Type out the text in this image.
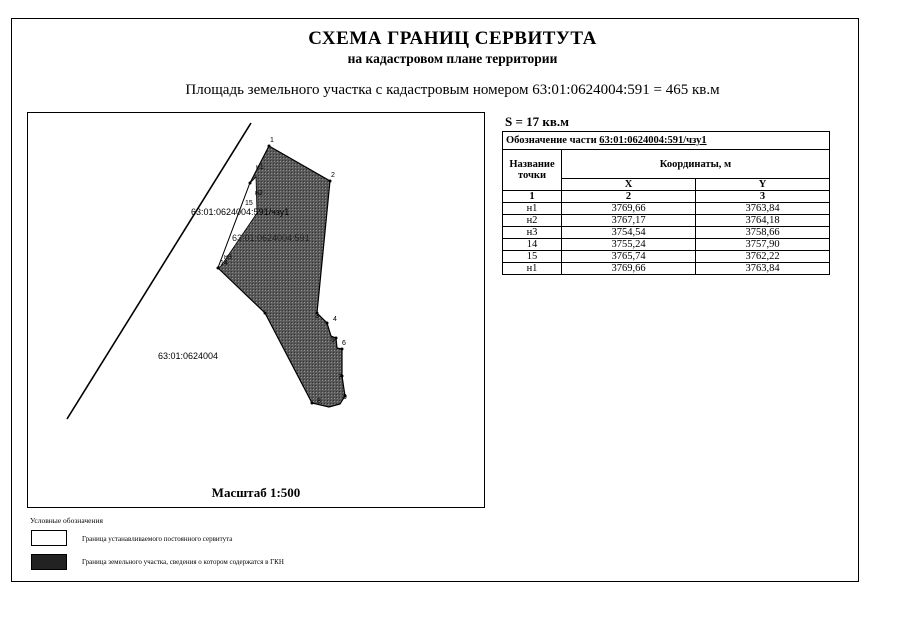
СХЕМА ГРАНИЦ СЕРВИТУТА
на кадастровом плане территории
Площадь земельного участка с кадастровым номером 63:01:0624004:591 = 465 кв.м
1
2
3 4
5 6
7
8
9
14
15
н1
н2
н3
63:01:0624004:591/чзу1
63:01:0624004:591
63:01:0624004
Масштаб 1:500
S = 17 кв.м
Обозначение части 63:01:0624004:591/чзу1		
Название точки	Координаты, м	
	X	Y
1	2	3
н1	3769,66	3763,84
н2	3767,17	3764,18
н3	3754,54	3758,66
14	3755,24	3757,90
15	3765,74	3762,22
н1	3769,66	3763,84
Условные обозначения
Граница устанавливаемого постоянного сервитута
Граница земельного участка, сведения о котором содержатся в ГКН
